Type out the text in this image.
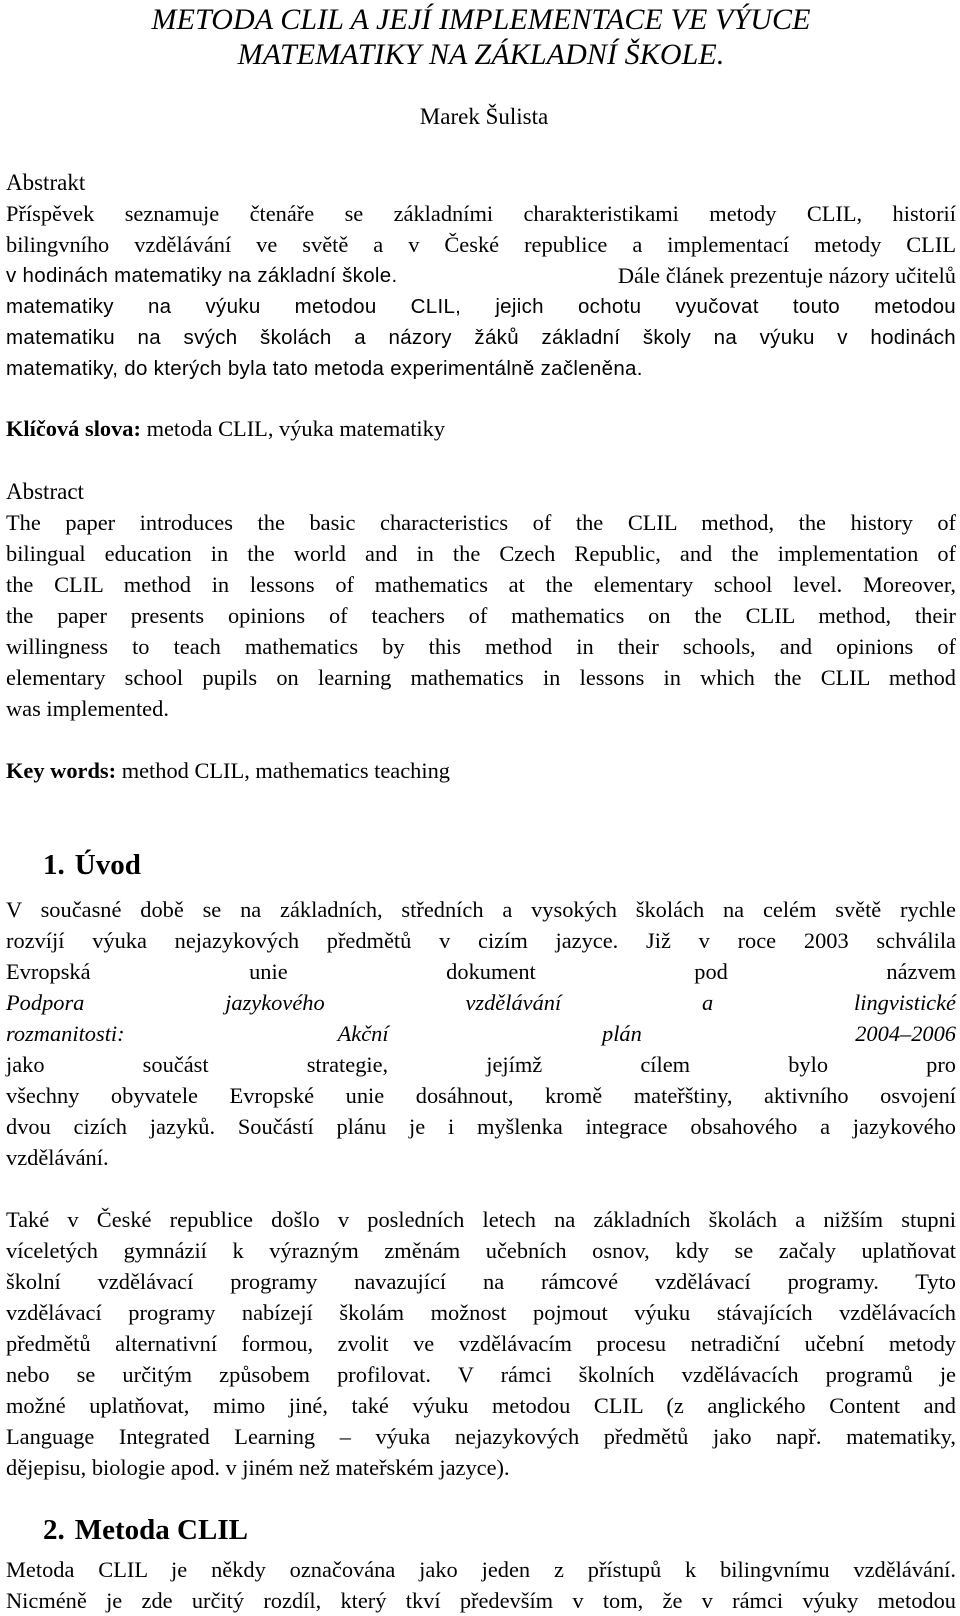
METODA CLIL A JEJÍ IMPLEMENTACE VE VÝUCE
MATEMATIKY NA ZÁKLADNÍ ŠKOLE.
Marek Šulista
Abstrakt
Příspěvek seznamuje čtenáře se základními charakteristikami metody CLIL, historií
bilingvního vzdělávání ve světě a v České republice a implementací metody CLIL
v hodinách matematiky na základní škole.	Dále článek prezentuje názory učitelů
matematiky na výuku metodou CLIL, jejich ochotu vyučovat touto metodou
matematiku na svých školách a názory žáků základní školy na výuku v hodinách
matematiky, do kterých byla tato metoda experimentálně začleněna.
Klíčová slova: metoda CLIL, výuka matematiky
Abstract
The paper introduces the basic characteristics of the CLIL method, the history of
bilingual education in the world and in the Czech Republic, and the implementation of
the CLIL method in lessons of mathematics at the elementary school level. Moreover,
the paper presents opinions of teachers of mathematics on the CLIL method, their
willingness to teach mathematics by this method in their schools, and opinions of
elementary school pupils on learning mathematics in lessons in which the CLIL method
was implemented.
Key words: method CLIL, mathematics teaching
1. Úvod
V současné době se na základních, středních a vysokých školách na celém světě rychle
rozvíjí výuka nejazykových předmětů v cizím jazyce. Již v roce 2003 schválila
Evropská unie dokument pod názvem
Podpora jazykového vzdělávání a lingvistické
rozmanitosti: Akční plán 2004–2006
jako součást strategie, jejímž cílem bylo pro
všechny obyvatele Evropské unie dosáhnout, kromě mateřštiny, aktivního osvojení
dvou cizích jazyků. Součástí plánu je i myšlenka integrace obsahového a jazykového
vzdělávání.
Také v České republice došlo v posledních letech na základních školách a nižším stupni
víceletých gymnázií k výrazným změnám učebních osnov, kdy se začaly uplatňovat
školní vzdělávací programy navazující na rámcové vzdělávací programy. Tyto
vzdělávací programy nabízejí školám možnost pojmout výuku stávajících vzdělávacích
předmětů alternativní formou, zvolit ve vzdělávacím procesu netradiční učební metody
nebo se určitým způsobem profilovat. V rámci školních vzdělávacích programů je
možné uplatňovat, mimo jiné, také výuku metodou CLIL (z anglického Content and
Language Integrated Learning – výuka nejazykových předmětů jako např. matematiky,
dějepisu, biologie apod. v jiném než mateřském jazyce).
2. Metoda CLIL
Metoda CLIL je někdy označována jako jeden z přístupů k bilingvnímu vzdělávání.
Nicméně je zde určitý rozdíl, který tkví především v tom, že v rámci výuky metodou
